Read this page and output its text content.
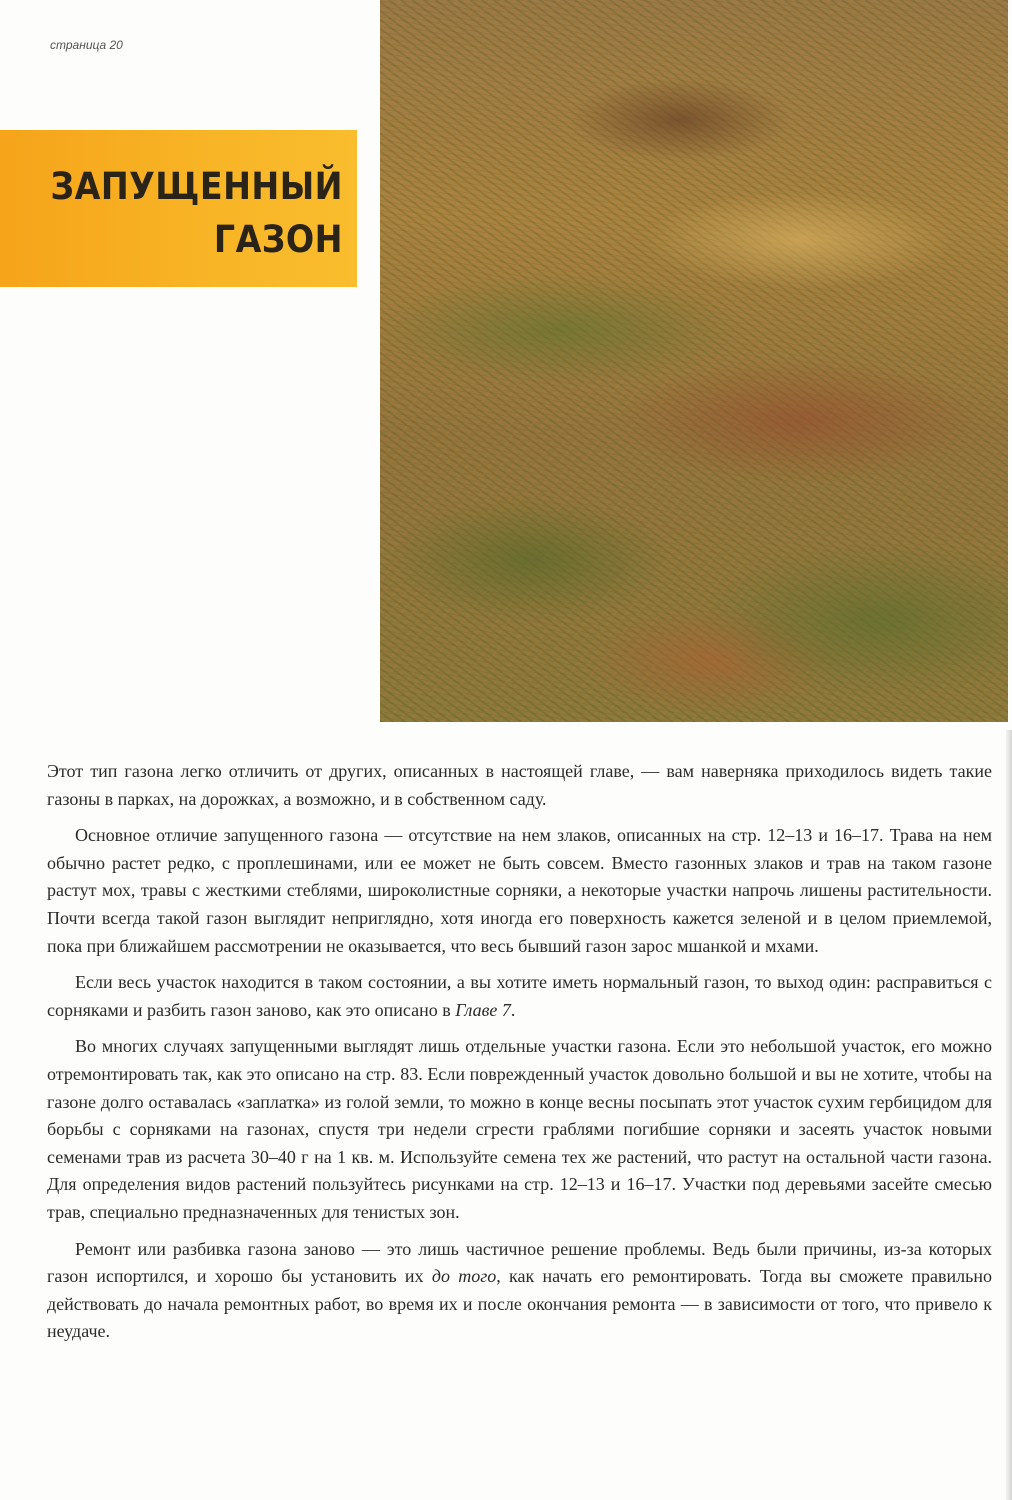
страница 20
ЗАПУЩЕННЫЙ
ГАЗОН

Этот тип газона легко отличить от других, описанных в настоящей главе, — вам наверняка приходилось видеть такие газоны в парках, на дорожках, а возможно, и в собственном саду.

Основное отличие запущенного газона — отсутствие на нем злаков, описанных на стр. 12–13 и 16–17. Трава на нем обычно растет редко, с проплешинами, или ее может не быть совсем. Вместо газонных злаков и трав на таком газоне растут мох, травы с жесткими стеблями, широколистные сорняки, а некоторые участки напрочь лишены растительности. Почти всегда такой газон выглядит неприглядно, хотя иногда его поверхность кажется зеленой и в целом приемлемой, пока при ближайшем рассмотрении не оказывается, что весь бывший газон зарос мшанкой и мхами.

Если весь участок находится в таком состоянии, а вы хотите иметь нормальный газон, то выход один: расправиться с сорняками и разбить газон заново, как это описано в Главе 7.

Во многих случаях запущенными выглядят лишь отдельные участки газона. Если это небольшой участок, его можно отремонтировать так, как это описано на стр. 83. Если поврежденный участок довольно большой и вы не хотите, чтобы на газоне долго оставалась «заплатка» из голой земли, то можно в конце весны посыпать этот участок сухим гербицидом для борьбы с сорняками на газонах, спустя три недели сгрести граблями погибшие сорняки и засеять участок новыми семенами трав из расчета 30–40 г на 1 кв. м. Используйте семена тех же растений, что растут на остальной части газона. Для определения видов растений пользуйтесь рисунками на стр. 12–13 и 16–17. Участки под деревьями засейте смесью трав, специально предназначенных для тенистых зон.

Ремонт или разбивка газона заново — это лишь частичное решение проблемы. Ведь были причины, из-за которых газон испортился, и хорошо бы установить их до того, как начать его ремонтировать. Тогда вы сможете правильно действовать до начала ремонтных работ, во время их и после окончания ремонта — в зависимости от того, что привело к неудаче.
